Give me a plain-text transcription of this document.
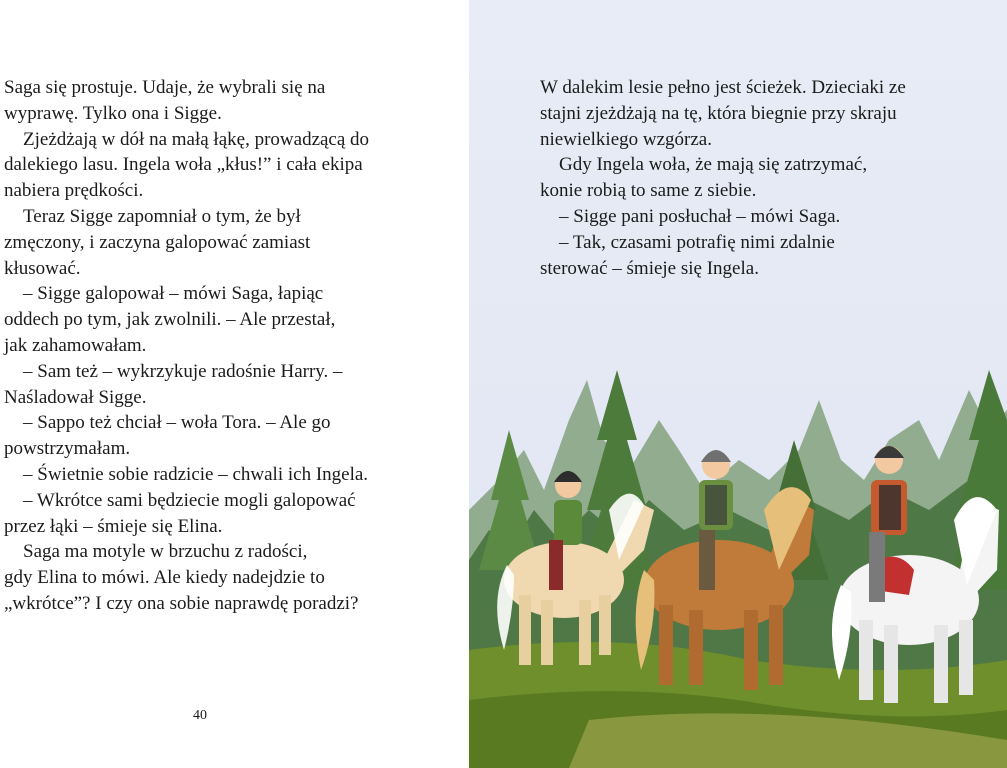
Saga się prostuje. Udaje, że wybrali się na
wyprawę. Tylko ona i Sigge.
Zjeżdżają w dół na małą łąkę, prowadzącą do
dalekiego lasu. Ingela woła „kłus!” i cała ekipa
nabiera prędkości.
Teraz Sigge zapomniał o tym, że był
zmęczony, i zaczyna galopować zamiast
kłusować.
– Sigge galopował – mówi Saga, łapiąc
oddech po tym, jak zwolnili. – Ale przestał,
jak zahamowałam.
– Sam też – wykrzykuje radośnie Harry. –
Naśladował Sigge.
– Sappo też chciał – woła Tora. – Ale go
powstrzymałam.
– Świetnie sobie radzicie – chwali ich Ingela.
– Wkrótce sami będziecie mogli galopować
przez łąki – śmieje się Elina.
Saga ma motyle w brzuchu z radości,
gdy Elina to mówi. Ale kiedy nadejdzie to
„wkrótce”? I czy ona sobie naprawdę poradzi?
40
W dalekim lesie pełno jest ścieżek. Dzieciaki ze
stajni zjeżdżają na tę, która biegnie przy skraju
niewielkiego wzgórza.
Gdy Ingela woła, że mają się zatrzymać,
konie robią to same z siebie.
– Sigge pani posłuchał – mówi Saga.
– Tak, czasami potrafię nimi zdalnie
sterować – śmieje się Ingela.
